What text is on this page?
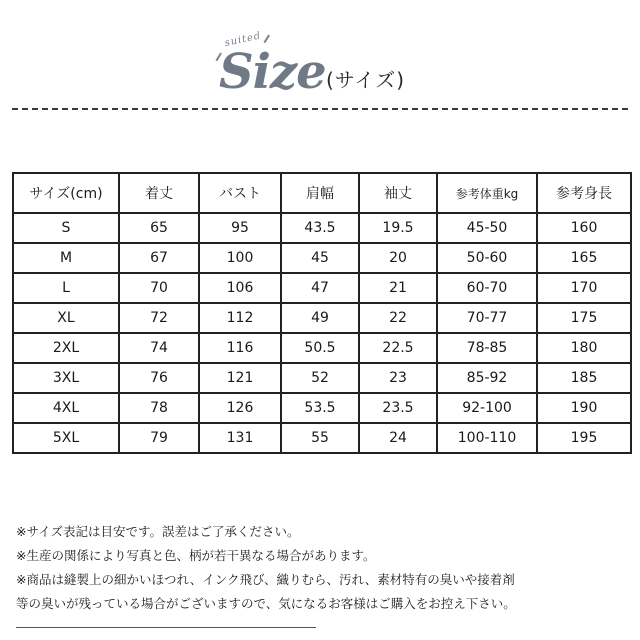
suited
Size (サイズ)
サイズ(cm)	着丈	バスト	肩幅	袖丈	参考体重kg	参考身長
S	65	95	43.5	19.5	45-50	160
M	67	100	45	20	50-60	165
L	70	106	47	21	60-70	170
XL	72	112	49	22	70-77	175
2XL	74	116	50.5	22.5	78-85	180
3XL	76	121	52	23	85-92	185
4XL	78	126	53.5	23.5	92-100	190
5XL	79	131	55	24	100-110	195
※サイズ表記は目安です。誤差はご了承ください。
※生産の関係により写真と色、柄が若干異なる場合があります。
※商品は縫製上の細かいほつれ、インク飛び、織りむら、汚れ、素材特有の臭いや接着剤
等の臭いが残っている場合がございますので、気になるお客様はご購入をお控え下さい。
